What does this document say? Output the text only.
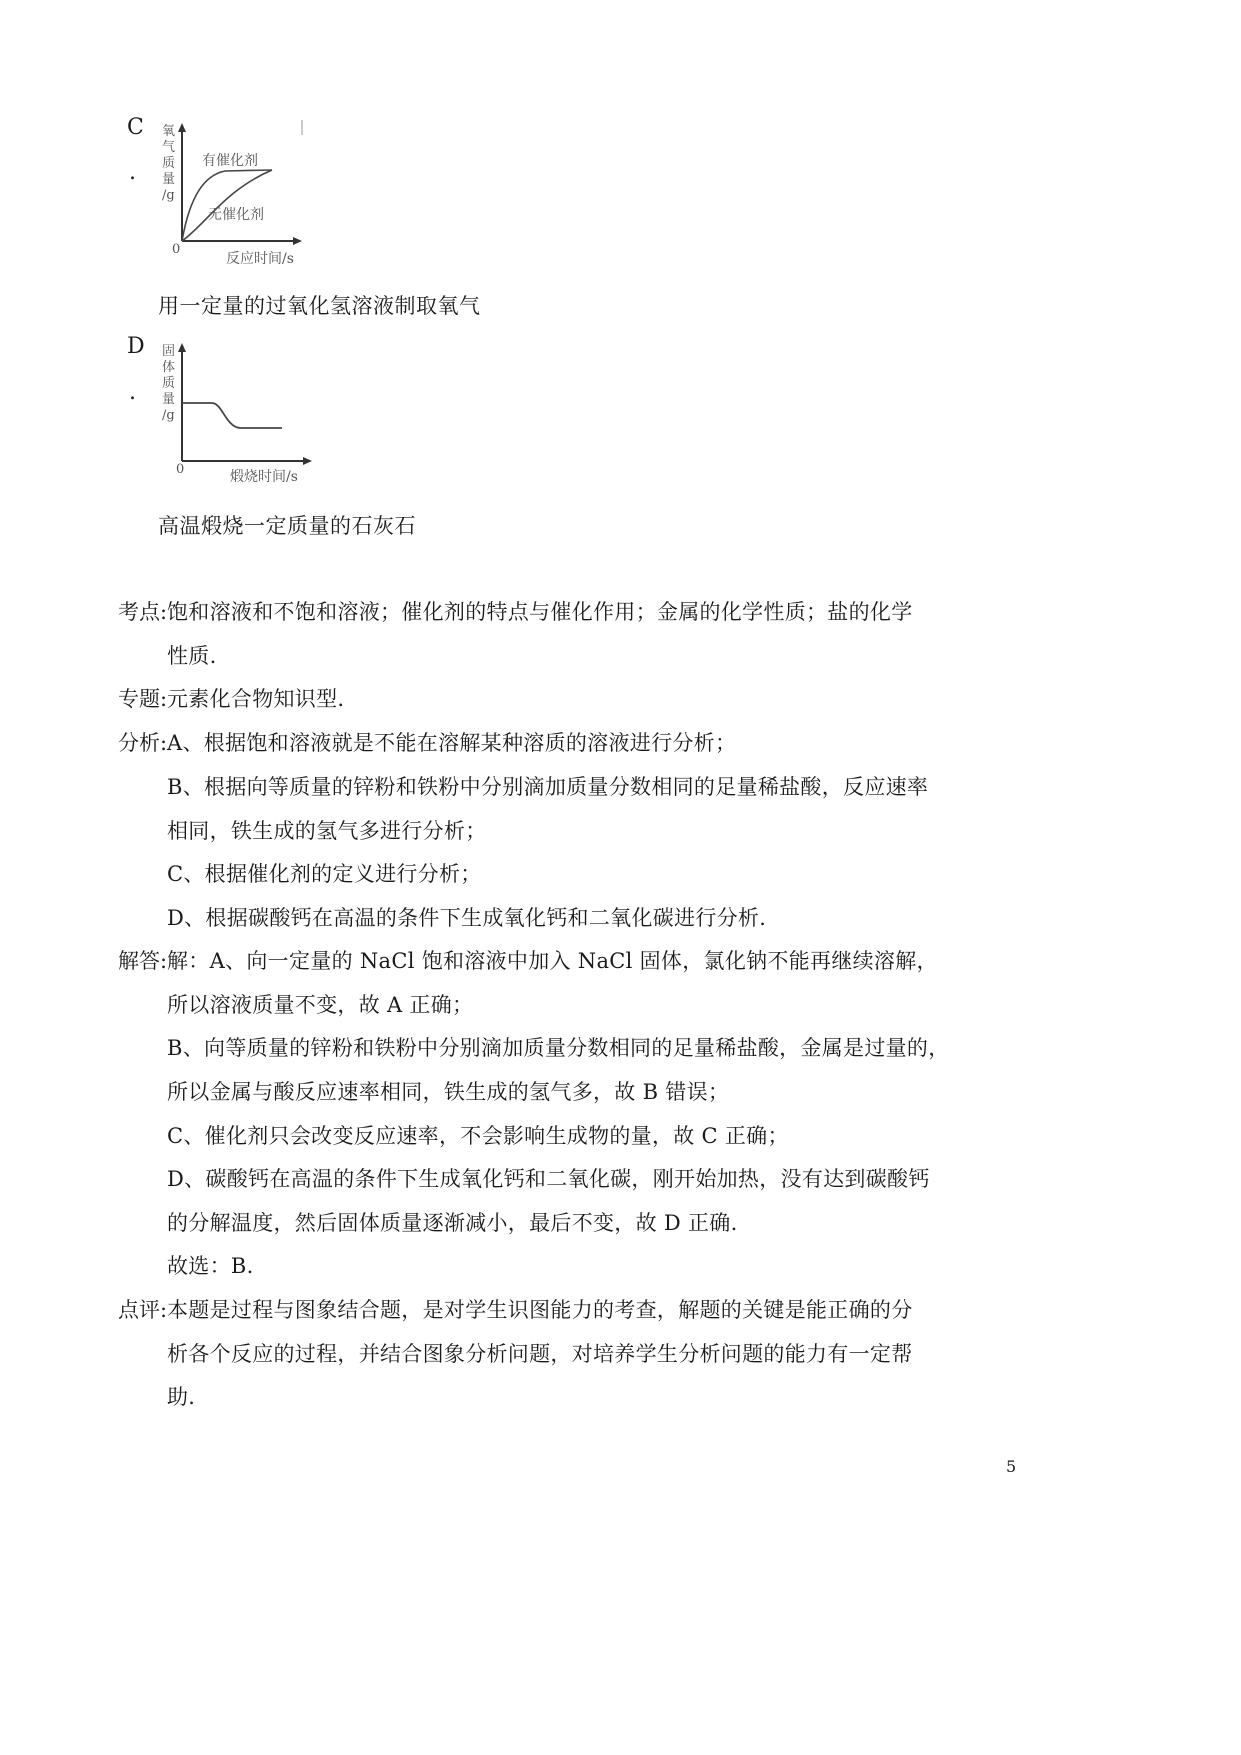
C
.
氧
气
质
量
/g
有催化剂
无催化剂
0
反应时间/s
用一定量的过氧化氢溶液制取氧气
D
.
固
体
质
量
/g
0	煅烧时间/s
高温煅烧一定质量的石灰石
考点: 饱和溶液和不饱和溶液；催化剂的特点与催化作用；金属的化学性质；盐的化学
性质.
专题: 元素化合物知识型.
分析: A、根据饱和溶液就是不能在溶解某种溶质的溶液进行分析；
B、根据向等质量的锌粉和铁粉中分别滴加质量分数相同的足量稀盐酸，反应速率
相同，铁生成的氢气多进行分析；
C、根据催化剂的定义进行分析；
D、根据碳酸钙在高温的条件下生成氧化钙和二氧化碳进行分析.
解答: 解：A、向一定量的 NaCl 饱和溶液中加入 NaCl 固体，氯化钠不能再继续溶解，
所以溶液质量不变，故 A 正确；
B、向等质量的锌粉和铁粉中分别滴加质量分数相同的足量稀盐酸，金属是过量的，
所以金属与酸反应速率相同，铁生成的氢气多，故 B 错误；
C、催化剂只会改变反应速率，不会影响生成物的量，故 C 正确；
D、碳酸钙在高温的条件下生成氧化钙和二氧化碳，刚开始加热，没有达到碳酸钙
的分解温度，然后固体质量逐渐减小，最后不变，故 D 正确.
故选：B.
点评: 本题是过程与图象结合题，是对学生识图能力的考查，解题的关键是能正确的分
析各个反应的过程，并结合图象分析问题，对培养学生分析问题的能力有一定帮
助.
5
